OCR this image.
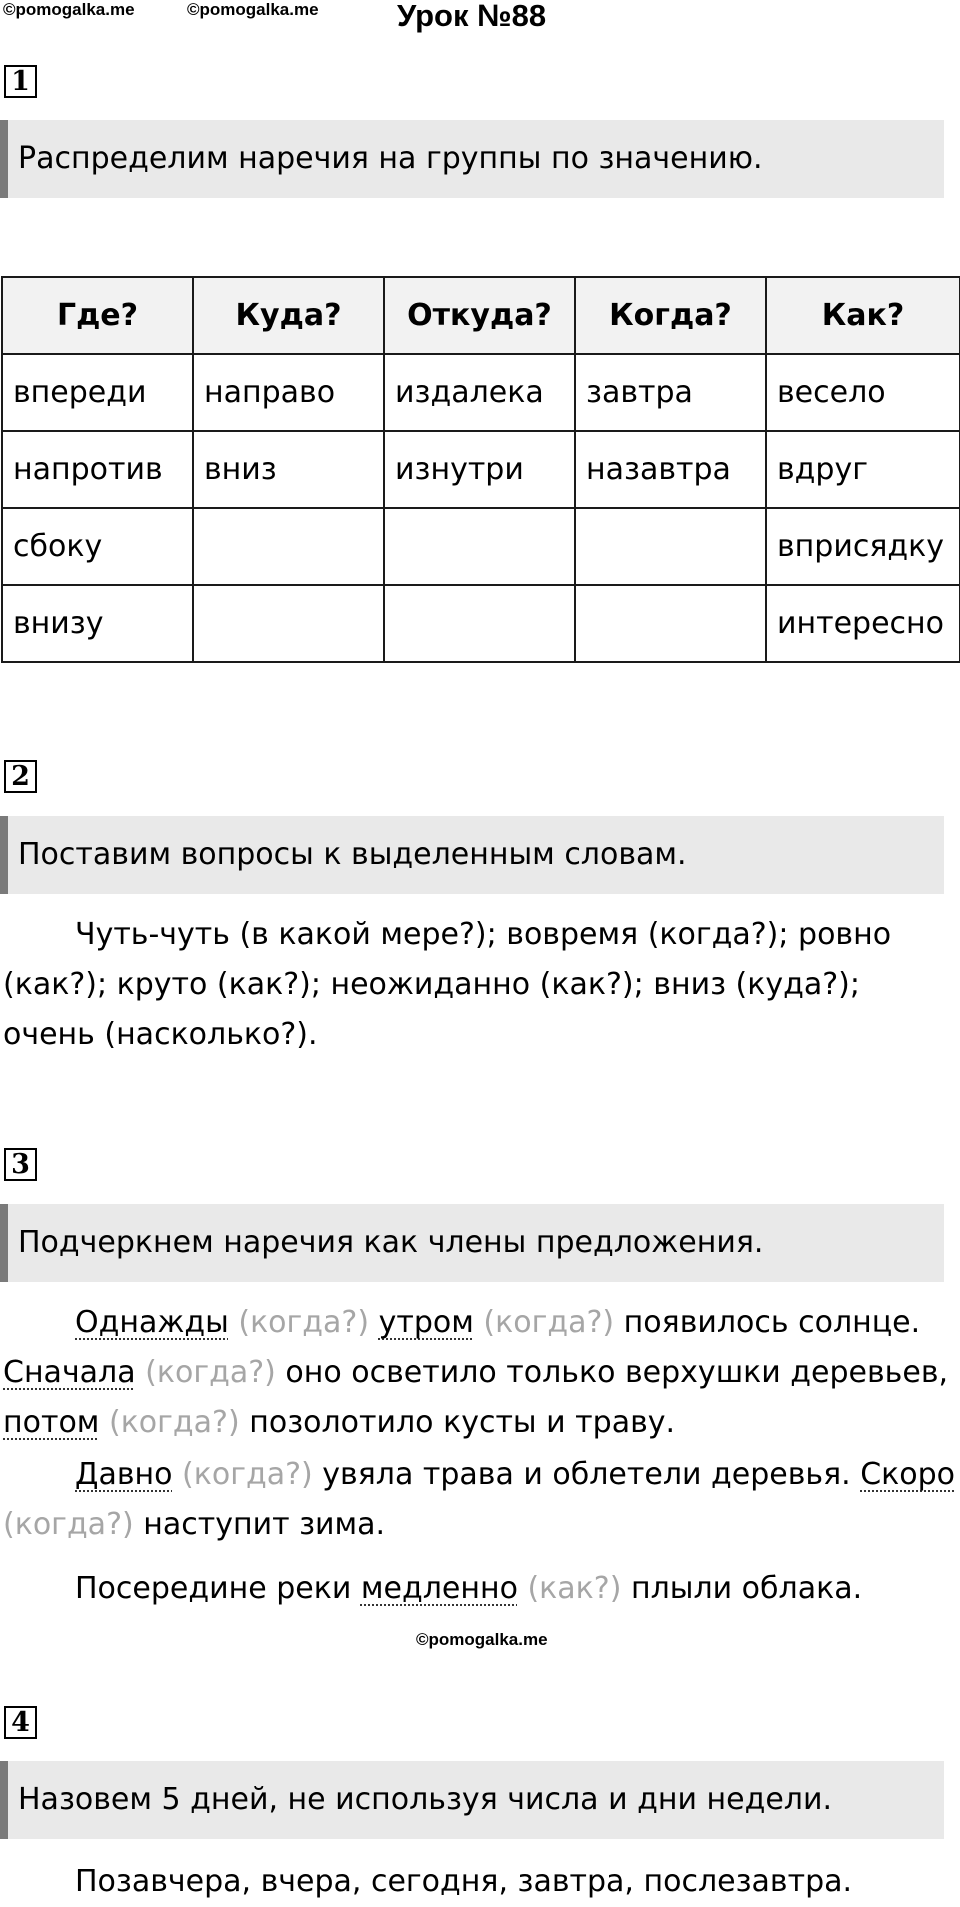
©pomogalka.me	©pomogalka.me	Урок №88
1
Распределим наречия на группы по значению.
Где?	Куда?	Откуда?	Когда?	Как?
впереди	направо	издалека	завтра	весело
напротив	вниз	изнутри	назавтра	вдруг
сбоку				вприсядку
внизу				интересно
2
Поставим вопросы к выделенным словам.

Чуть-чуть (в какой мере?); вовремя (когда?); ровно (как?); круто (как?); неожиданно (как?); вниз (куда?); очень (насколько?).

3
Подчеркнем наречия как члены предложения.
Однажды (когда?) утром (когда?) появилось солнце.
Сначала (когда?) оно осветило только верхушки деревьев,
потом (когда?) позолотило кусты и траву.
Давно (когда?) увяла трава и облетели деревья. Скоро
(когда?) наступит зима.
Посередине реки медленно (как?) плыли облака.
©pomogalka.me
4
Назовем 5 дней, не используя числа и дни недели.
Позавчера, вчера, сегодня, завтра, послезавтра.
